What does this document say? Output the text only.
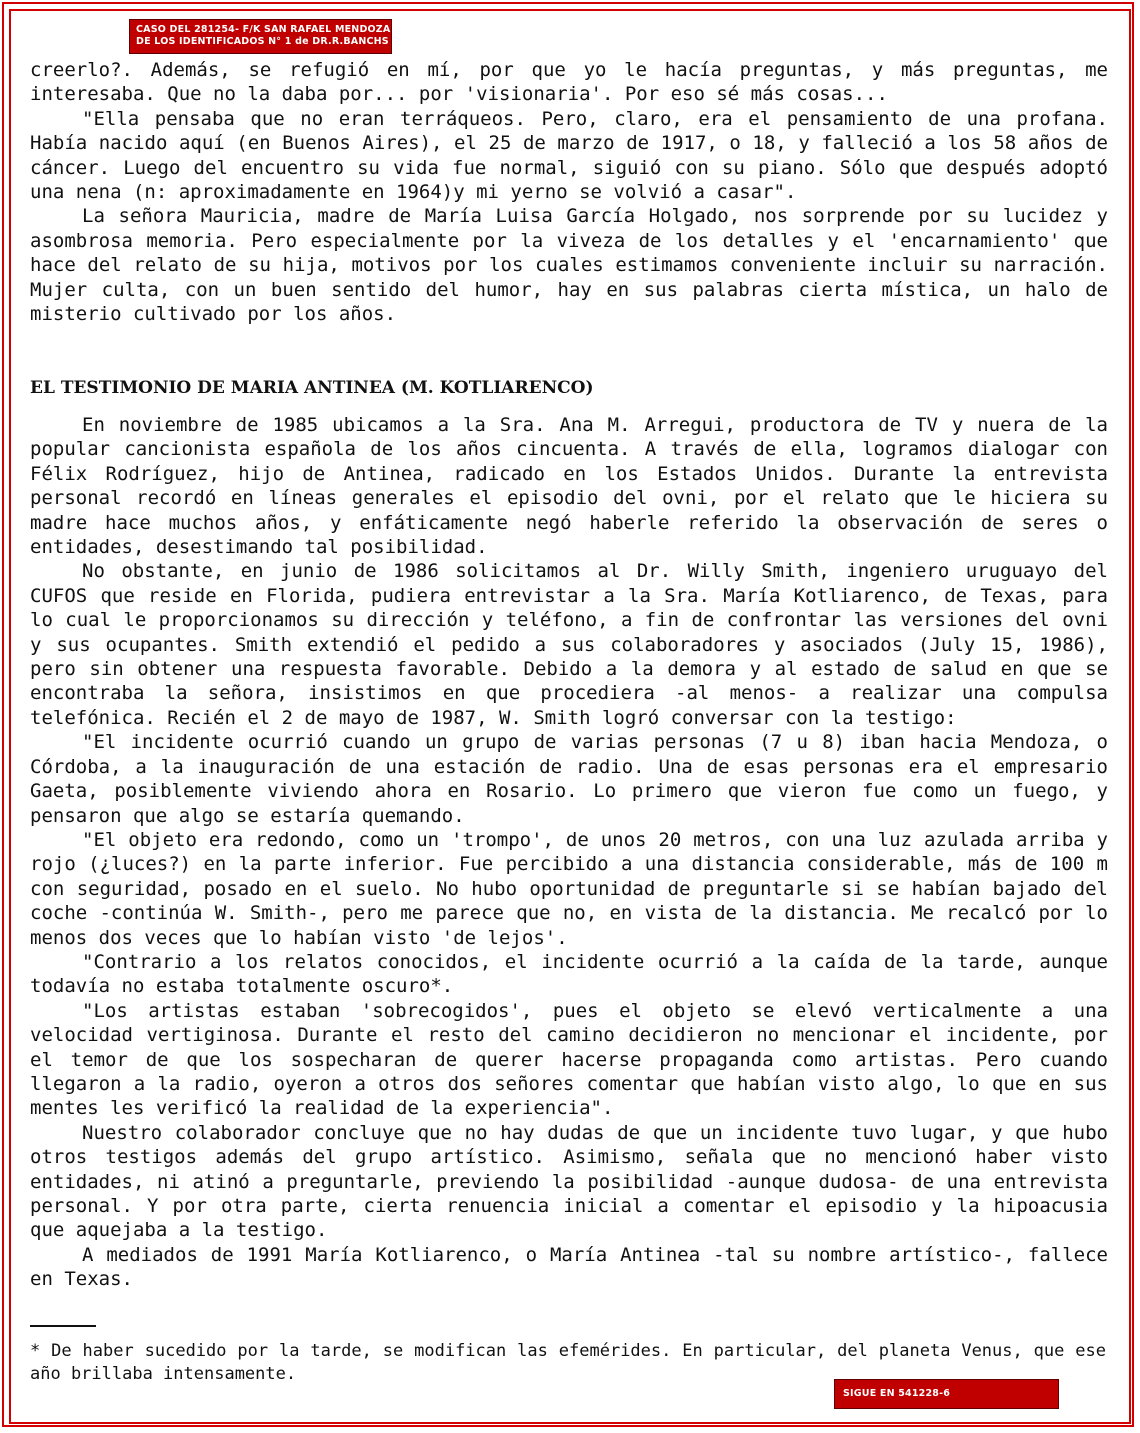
CASO DEL 281254- F/K SAN RAFAEL MENDOZA
DE LOS IDENTIFICADOS N° 1 de DR.R.BANCHS

creerlo?. Además, se refugió en mí, por que yo le hacía preguntas, y más preguntas, me interesaba. Que no la daba por... por 'visionaria'. Por eso sé más cosas...

"Ella pensaba que no eran terráqueos. Pero, claro, era el pensamiento de una profana. Había nacido aquí (en Buenos Aires), el 25 de marzo de 1917, o 18, y falleció a los 58 años de cáncer. Luego del encuentro su vida fue normal, siguió con su piano. Sólo que después adoptó una nena (n: aproximadamente en 1964)y mi yerno se volvió a casar".

La señora Mauricia, madre de María Luisa García Holgado, nos sorprende por su lucidez y asombrosa memoria. Pero especialmente por la viveza de los detalles y el 'encarnamiento' que hace del relato de su hija, motivos por los cuales estimamos conveniente incluir su narración. Mujer culta, con un buen sentido del humor, hay en sus palabras cierta mística, un halo de misterio cultivado por los años.

EL TESTIMONIO DE MARIA ANTINEA (M. KOTLIARENCO)

En noviembre de 1985 ubicamos a la Sra. Ana M. Arregui, productora de TV y nuera de la popular cancionista española de los años cincuenta. A través de ella, logramos dialogar con Félix Rodríguez, hijo de Antinea, radicado en los Estados Unidos. Durante la entrevista personal recordó en líneas generales el episodio del ovni, por el relato que le hiciera su madre hace muchos años, y enfáticamente negó haberle referido la observación de seres o entidades, desestimando tal posibilidad.

No obstante, en junio de 1986 solicitamos al Dr. Willy Smith, ingeniero uruguayo del CUFOS que reside en Florida, pudiera entrevistar a la Sra. María Kotliarenco, de Texas, para lo cual le proporcionamos su dirección y teléfono, a fin de confrontar las versiones del ovni y sus ocupantes. Smith extendió el pedido a sus colaboradores y asociados (July 15, 1986), pero sin obtener una respuesta favorable. Debido a la demora y al estado de salud en que se encontraba la señora, insistimos en que procediera -al menos- a realizar una compulsa telefónica. Recién el 2 de mayo de 1987, W. Smith logró conversar con la testigo:

"El incidente ocurrió cuando un grupo de varias personas (7 u 8) iban hacia Mendoza, o Córdoba, a la inauguración de una estación de radio. Una de esas personas era el empresario Gaeta, posiblemente viviendo ahora en Rosario. Lo primero que vieron fue como un fuego, y pensaron que algo se estaría quemando.

"El objeto era redondo, como un 'trompo', de unos 20 metros, con una luz azulada arriba y rojo (¿luces?) en la parte inferior. Fue percibido a una distancia considerable, más de 100 m con seguridad, posado en el suelo. No hubo oportunidad de preguntarle si se habían bajado del coche -continúa W. Smith-, pero me parece que no, en vista de la distancia. Me recalcó por lo menos dos veces que lo habían visto 'de lejos'.

"Contrario a los relatos conocidos, el incidente ocurrió a la caída de la tarde, aunque todavía no estaba totalmente oscuro*.

"Los artistas estaban 'sobrecogidos', pues el objeto se elevó verticalmente a una velocidad vertiginosa. Durante el resto del camino decidieron no mencionar el incidente, por el temor de que los sospecharan de querer hacerse propaganda como artistas. Pero cuando llegaron a la radio, oyeron a otros dos señores comentar que habían visto algo, lo que en sus mentes les verificó la realidad de la experiencia".

Nuestro colaborador concluye que no hay dudas de que un incidente tuvo lugar, y que hubo otros testigos además del grupo artístico. Asimismo, señala que no mencionó haber visto entidades, ni atinó a preguntarle, previendo la posibilidad -aunque dudosa- de una entrevista personal. Y por otra parte, cierta renuencia inicial a comentar el episodio y la hipoacusia que aquejaba a la testigo.

A mediados de 1991 María Kotliarenco, o María Antinea -tal su nombre artístico-, fallece en Texas.

* De haber sucedido por la tarde, se modifican las efemérides. En particular, del planeta Venus, que ese año brillaba intensamente.

SIGUE EN 541228-6
